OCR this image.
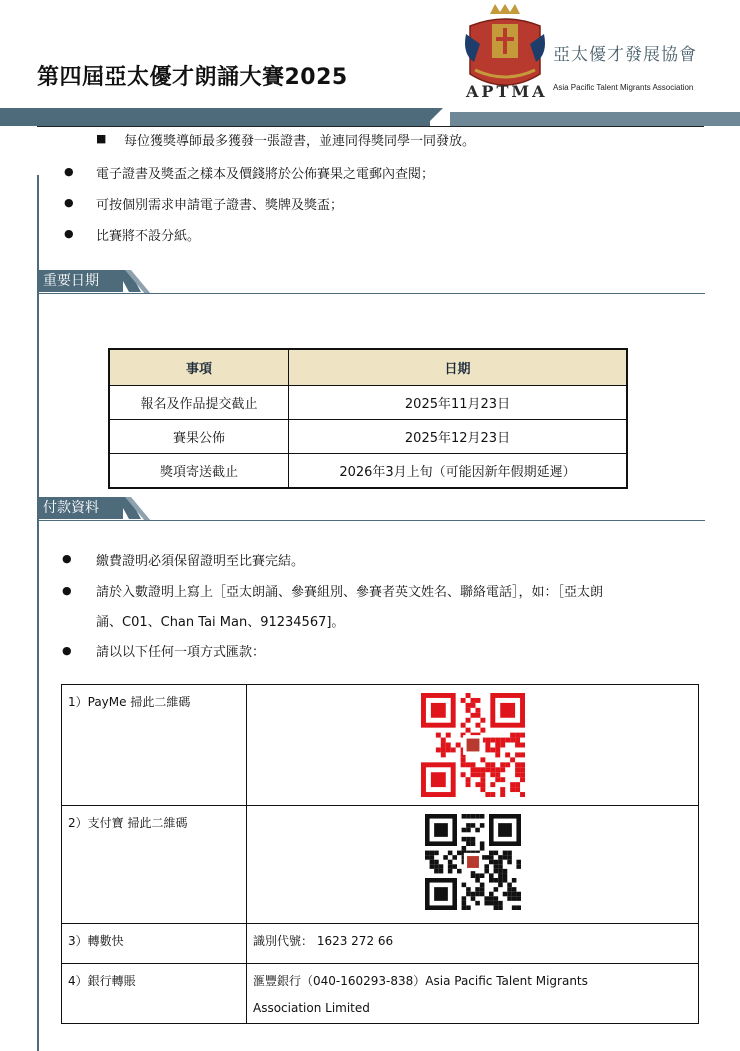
第四屆亞太優才朗誦大賽2025
APTMA
亞太優才發展協會
Asia Pacific Talent Migrants Association
■ 每位獲獎導師最多獲發一張證書，並連同得獎同學一同發放。
● 電子證書及獎盃之樣本及價錢將於公佈賽果之電郵內查閱；
● 可按個別需求申請電子證書、獎牌及獎盃；
● 比賽將不設分紙。
重要日期
事項	日期
報名及作品提交截止	2025年11月23日
賽果公佈	2025年12月23日
獎項寄送截止	2026年3月上旬（可能因新年假期延遲）
付款資料
● 繳費證明必須保留證明至比賽完結。
● 請於入數證明上寫上［亞太朗誦、參賽組別、參賽者英文姓名、聯絡電話］，如：［亞太朗
誦、C01、Chan Tai Man、91234567]。
● 請以以下任何一項方式匯款：
1）PayMe 掃此二維碼	

2）支付寶 掃此二維碼	

3）轉數快	識別代號： 1623 272 66
4）銀行轉賬	滙豐銀行（040-160293-838）Asia Pacific Talent Migrants
Association Limited
